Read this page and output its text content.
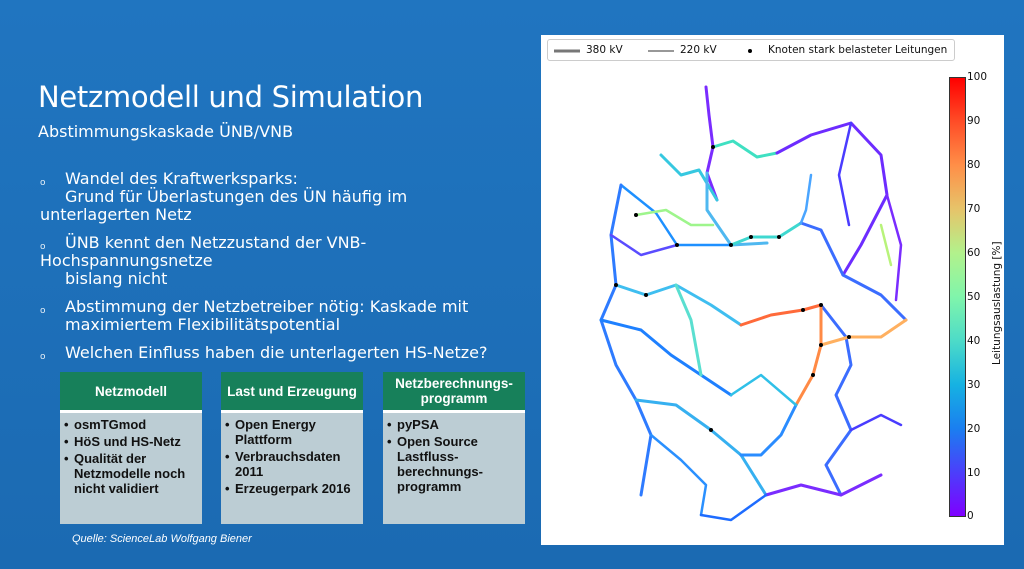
Netzmodell und Simulation
Abstimmungskaskade ÜNB/VNB
o Wandel des Kraftwerksparks:
Grund für Überlastungen des ÜN häufig im
unterlagerten Netz
o ÜNB kennt den Netzzustand der VNB-
Hochspannungsnetze
bislang nicht
o Abstimmung der Netzbetreiber nötig: Kaskade mit
maximiertem Flexibilitätspotential
o Welchen Einfluss haben die unterlagerten HS-Netze?
Netzmodell
• osmTGmod
• HöS und HS-Netz
• Qualität der Netzmodelle noch nicht validiert
Last und Erzeugung
• Open Energy Plattform
• Verbrauchsdaten 2011
• Erzeugerpark 2016
Netzberechnungs-programm
• pyPSA
• Open Source Lastfluss-berechnungs-programm
Quelle: ScienceLab Wolfgang Biener
380 kV	220 kV	Knoten stark belasteter Leitungen
100
90
80
70
60
50
40
30
20
10
0
Leitungsauslastung [%]
